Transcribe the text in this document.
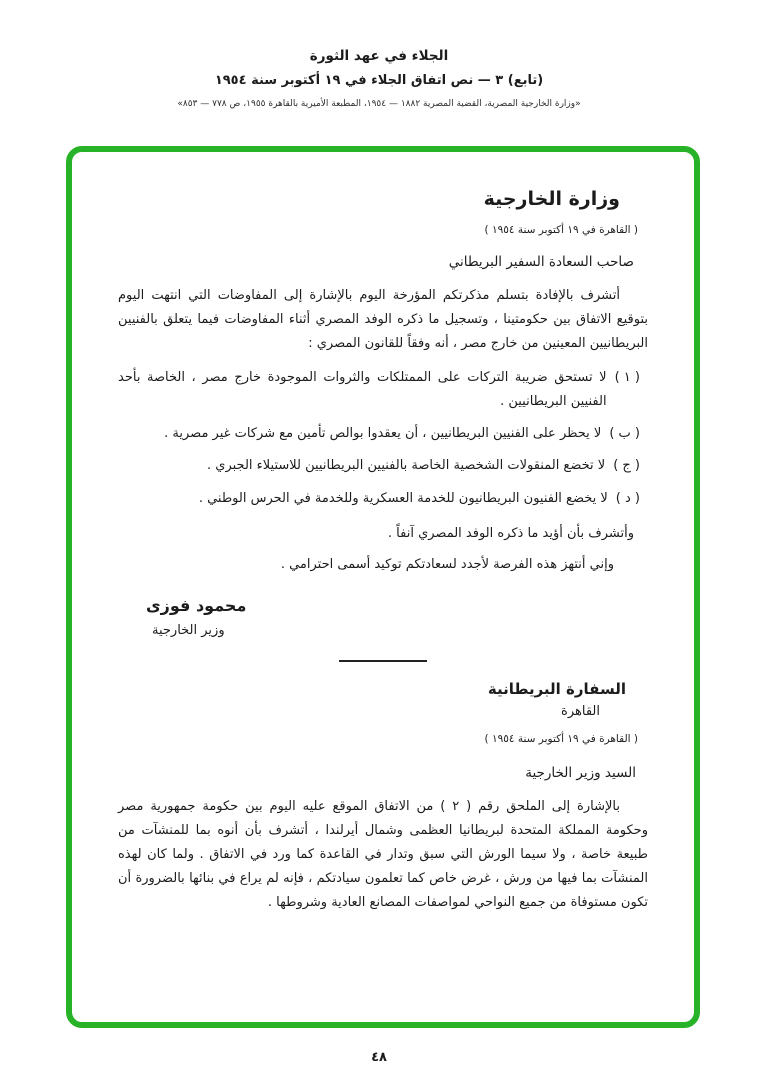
الجلاء في عهد الثورة
(تابع) ٣ — نص اتفاق الجلاء في ١٩ أكتوبر سنة ١٩٥٤
«وزارة الخارجية المصرية، القضية المصرية ١٨٨٢ — ١٩٥٤، المطبعة الأميرية بالقاهرة ١٩٥٥، ص ٧٧٨ — ٨٥٣»
وزارة الخارجية
( القاهرة في ١٩ أكتوبر سنة ١٩٥٤ )
صاحب السعادة السفير البريطاني

أتشرف بالإفادة بتسلم مذكرتكم المؤرخة اليوم بالإشارة إلى المفاوضات التي انتهت اليوم بتوقيع الاتفاق بين حكومتينا ، وتسجيل ما ذكره الوفد المصري أثناء المفاوضات فيما يتعلق بالفنيين البريطانيين المعينين من خارج مصر ، أنه وفقاً للقانون المصري :

( ١ )
لا تستحق ضريبة التركات على الممتلكات والثروات الموجودة خارج مصر ، الخاصة بأحد الفنيين البريطانيين .
( ب )
لا يحظر على الفنيين البريطانيين ، أن يعقدوا بوالص تأمين مع شركات غير مصرية .
( ج )
لا تخضع المنقولات الشخصية الخاصة بالفنيين البريطانيين للاستيلاء الجبري .
( د )
لا يخضع الفنيون البريطانيون للخدمة العسكرية وللخدمة في الحرس الوطني .
وأتشرف بأن أؤيد ما ذكره الوفد المصري آنفاً .
وإني أنتهز هذه الفرصة لأجدد لسعادتكم توكيد أسمى احترامي .
محمود فوزى
وزير الخارجية
السفارة البريطانية
القاهرة
( القاهرة في ١٩ أكتوبر سنة ١٩٥٤ )
السيد وزير الخارجية

بالإشارة إلى الملحق رقم ( ٢ ) من الاتفاق الموقع عليه اليوم بين حكومة جمهورية مصر وحكومة المملكة المتحدة لبريطانيا العظمى وشمال أيرلندا ، أتشرف بأن أنوه بما للمنشآت من طبيعة خاصة ، ولا سيما الورش التي سبق وتدار في القاعدة كما ورد في الاتفاق . ولما كان لهذه المنشآت بما فيها من ورش ، غرض خاص كما تعلمون سيادتكم ، فإنه لم يراع في بنائها بالضرورة أن تكون مستوفاة من جميع النواحي لمواصفات المصانع العادية وشروطها .

٤٨
